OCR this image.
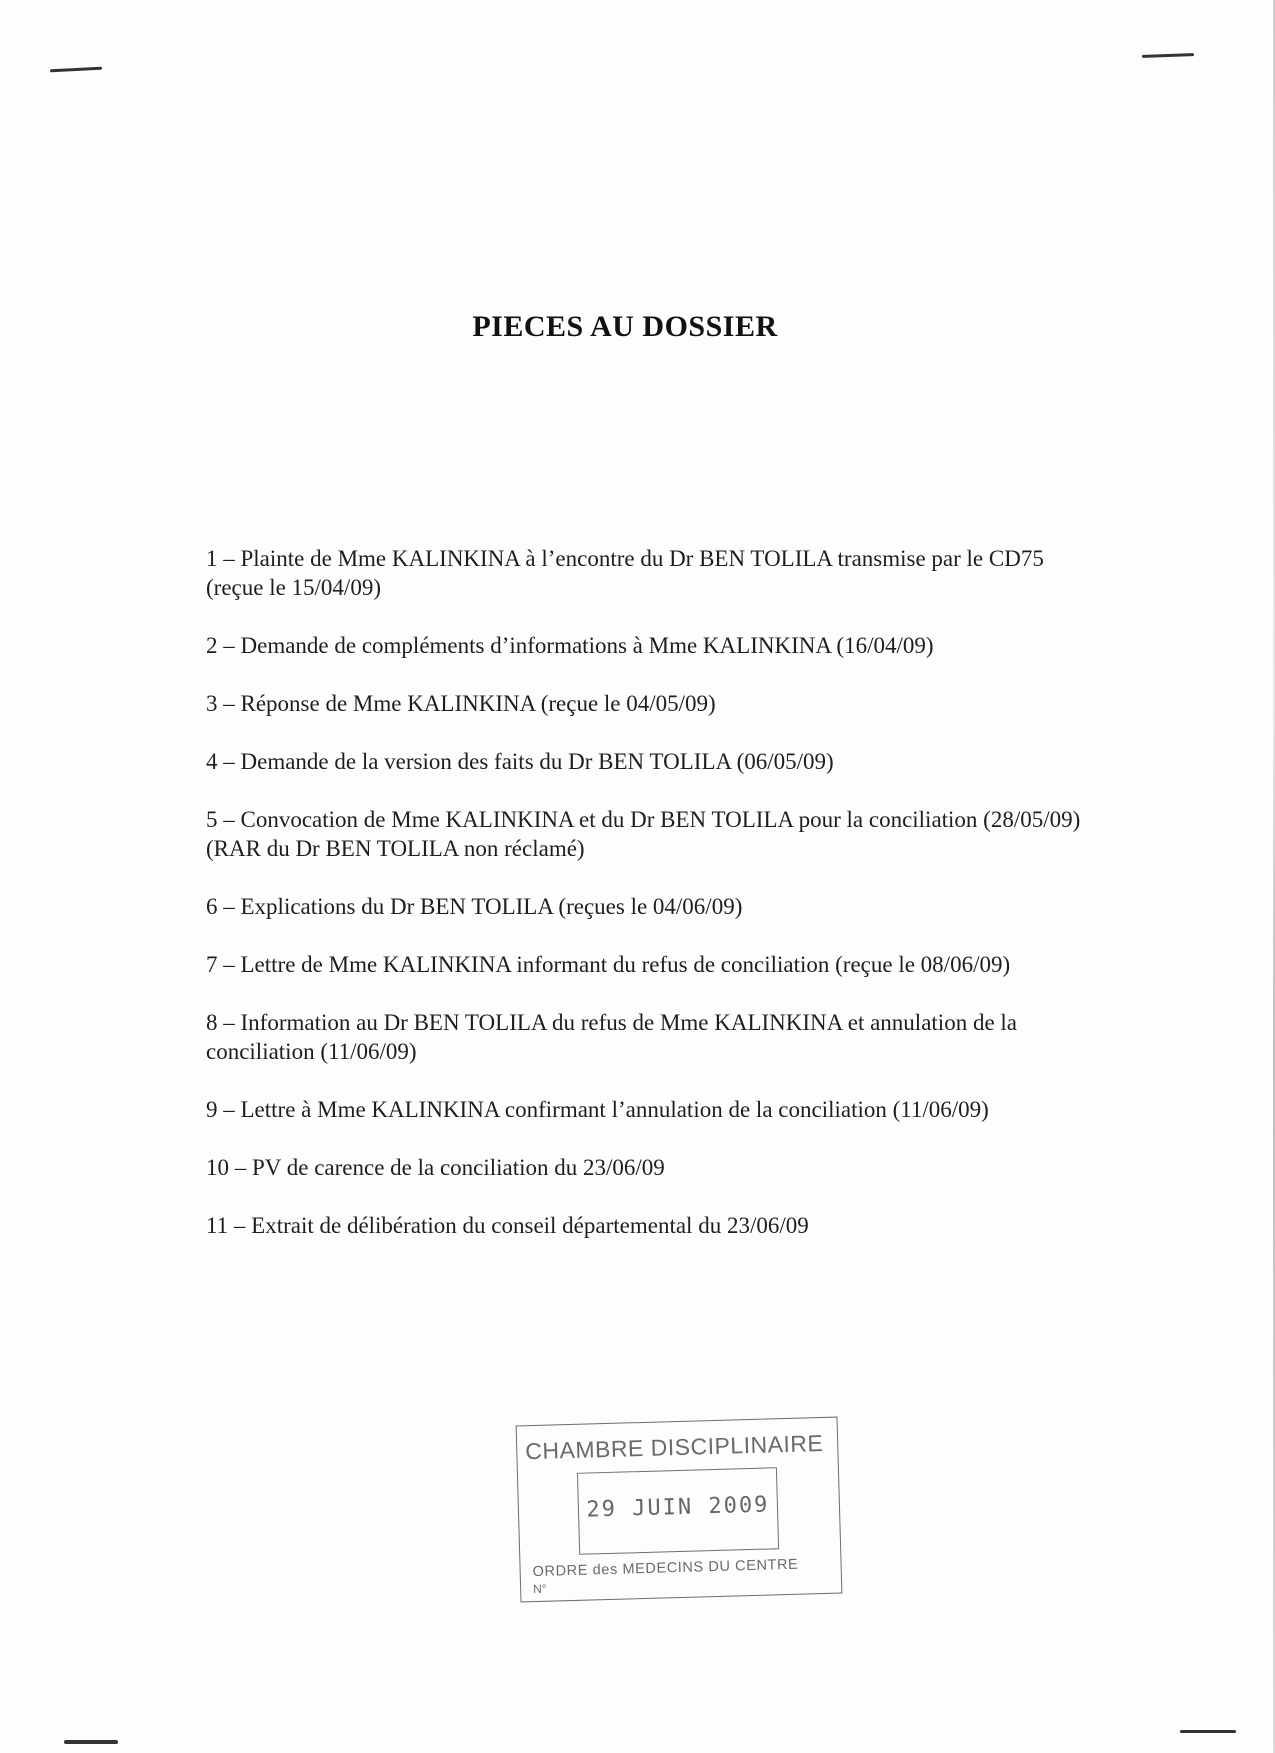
PIECES AU DOSSIER
1 – Plainte de Mme KALINKINA à l’encontre du Dr BEN TOLILA transmise par le CD75 (reçue le 15/04/09)
2 – Demande de compléments d’informations à Mme KALINKINA (16/04/09)
3 – Réponse de Mme KALINKINA (reçue le 04/05/09)
4 – Demande de la version des faits du Dr BEN TOLILA (06/05/09)
5 – Convocation de Mme KALINKINA et du Dr BEN TOLILA pour la conciliation (28/05/09) (RAR du Dr BEN TOLILA non réclamé)
6 – Explications du Dr BEN TOLILA (reçues le 04/06/09)
7 – Lettre de Mme KALINKINA informant du refus de conciliation (reçue le 08/06/09)
8 – Information au Dr BEN TOLILA du refus de Mme KALINKINA et annulation de la conciliation (11/06/09)
9 – Lettre à Mme KALINKINA confirmant l’annulation de la conciliation (11/06/09)
10 – PV de carence de la conciliation du 23/06/09
11 – Extrait de délibération du conseil départemental du 23/06/09
CHAMBRE DISCIPLINAIRE
29 JUIN 2009
ORDRE des MEDECINS DU CENTRE
N°
